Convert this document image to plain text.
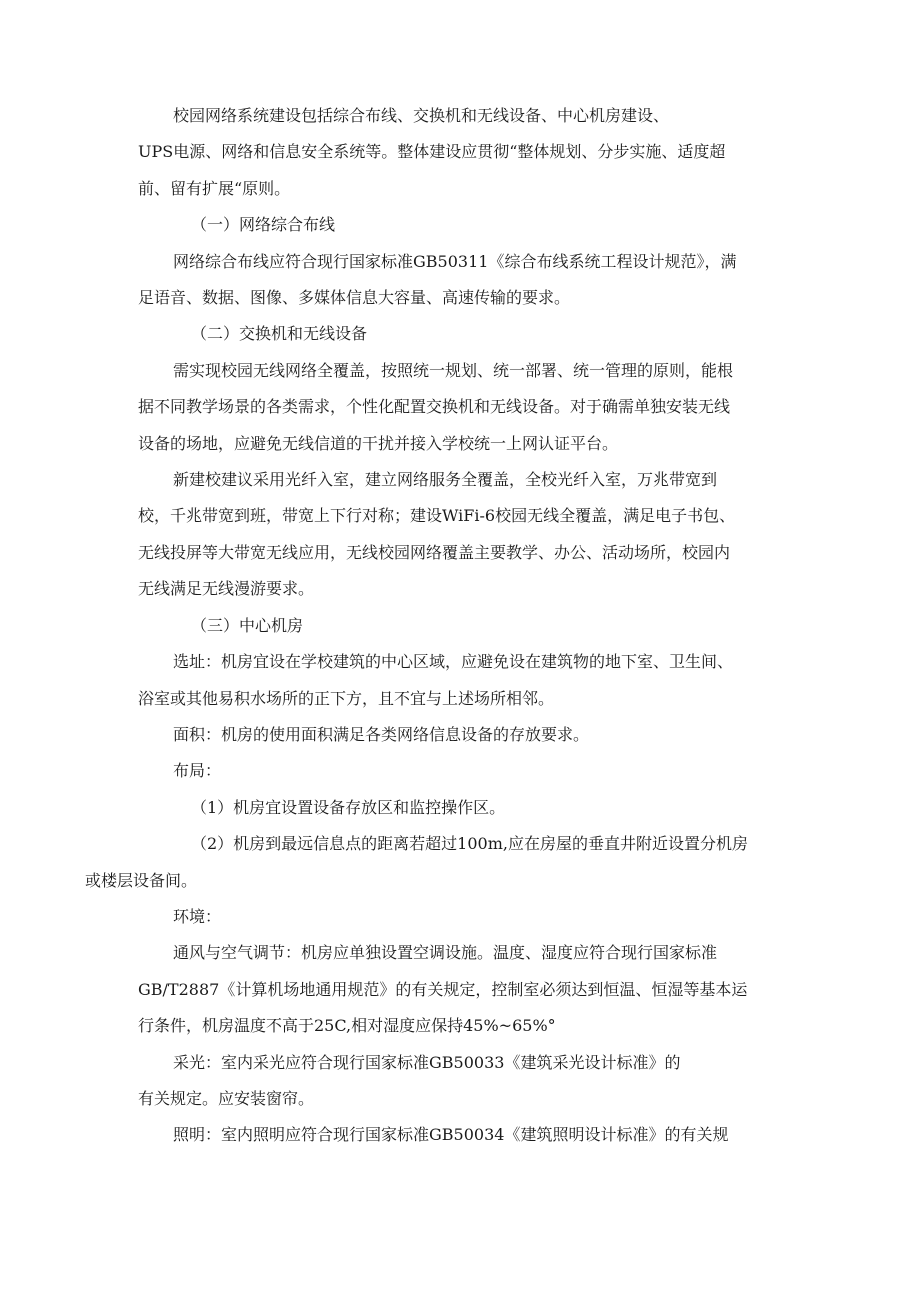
校园网络系统建设包括综合布线、交换机和无线设备、中心机房建设、
UPS电源、网络和信息安全系统等。整体建设应贯彻“整体规划、分步实施、适度超
前、留有扩展“原则。

（一）网络综合布线

网络综合布线应符合现行国家标准GB50311《综合布线系统工程设计规范》，满
足语音、数据、图像、多媒体信息大容量、高速传输的要求。

（二）交换机和无线设备

需实现校园无线网络全覆盖，按照统一规划、统一部署、统一管理的原则，能根
据不同教学场景的各类需求，个性化配置交换机和无线设备。对于确需单独安装无线
设备的场地，应避免无线信道的干扰并接入学校统一上网认证平台。

新建校建议采用光纤入室，建立网络服务全覆盖，全校光纤入室，万兆带宽到
校，千兆带宽到班，带宽上下行对称；建设WiFi-6校园无线全覆盖，满足电子书包、
无线投屏等大带宽无线应用，无线校园网络覆盖主要教学、办公、活动场所，校园内
无线满足无线漫游要求。

（三）中心机房

选址：机房宜设在学校建筑的中心区域，应避免设在建筑物的地下室、卫生间、
浴室或其他易积水场所的正下方，且不宜与上述场所相邻。

面积：机房的使用面积满足各类网络信息设备的存放要求。

布局：

（1）机房宜设置设备存放区和监控操作区。

（2）机房到最远信息点的距离若超过100m,应在房屋的垂直井附近设置分机房
或楼层设备间。

环境：

通风与空气调节：机房应单独设置空调设施。温度、湿度应符合现行国家标准
GB/T2887《计算机场地通用规范》的有关规定，控制室必须达到恒温、恒湿等基本运
行条件，机房温度不高于25C,相对湿度应保持45%~65%°

采光：室内采光应符合现行国家标准GB50033《建筑采光设计标准》的
有关规定。应安装窗帘。

照明：室内照明应符合现行国家标准GB50034《建筑照明设计标准》的有关规
